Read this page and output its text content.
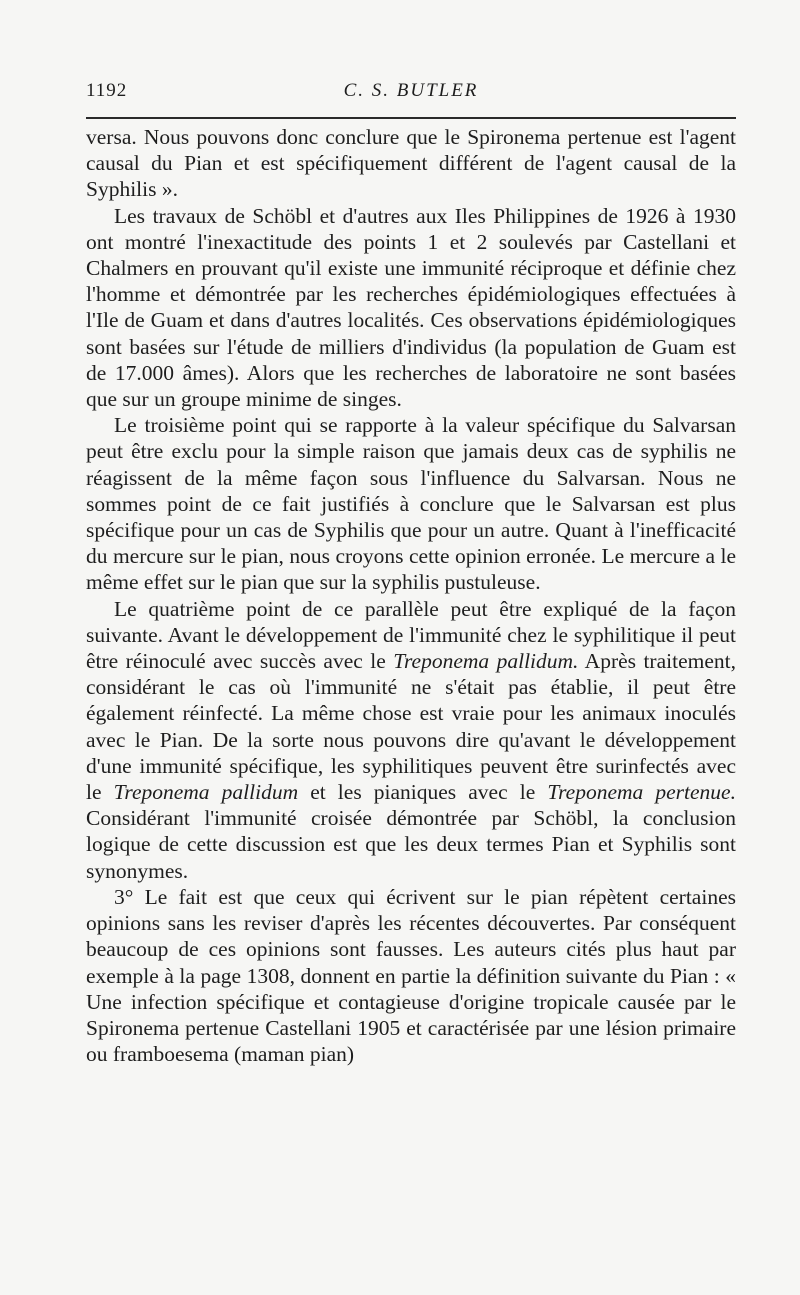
1192	C. S. BUTLER

versa. Nous pouvons donc conclure que le Spironema pertenue est l'agent causal du Pian et est spécifiquement différent de l'agent causal de la Syphilis ».

Les travaux de Schöbl et d'autres aux Iles Philippines de 1926 à 1930 ont montré l'inexactitude des points 1 et 2 soulevés par Castellani et Chalmers en prouvant qu'il existe une immunité réciproque et définie chez l'homme et démontrée par les recherches épidémiologiques effectuées à l'Ile de Guam et dans d'autres localités. Ces observations épidémiologiques sont basées sur l'étude de milliers d'individus (la population de Guam est de 17.000 âmes). Alors que les recherches de laboratoire ne sont basées que sur un groupe minime de singes.

Le troisième point qui se rapporte à la valeur spécifique du Salvarsan peut être exclu pour la simple raison que jamais deux cas de syphilis ne réagissent de la même façon sous l'influence du Salvarsan. Nous ne sommes point de ce fait justifiés à conclure que le Salvarsan est plus spécifique pour un cas de Syphilis que pour un autre. Quant à l'inefficacité du mercure sur le pian, nous croyons cette opinion erronée. Le mercure a le même effet sur le pian que sur la syphilis pustuleuse.

Le quatrième point de ce parallèle peut être expliqué de la façon suivante. Avant le développement de l'immunité chez le syphilitique il peut être réinoculé avec succès avec le Treponema pallidum. Après traitement, considérant le cas où l'immunité ne s'était pas établie, il peut être également réinfecté. La même chose est vraie pour les animaux inoculés avec le Pian. De la sorte nous pouvons dire qu'avant le développement d'une immunité spécifique, les syphilitiques peuvent être surinfectés avec le Treponema pallidum et les pianiques avec le Treponema pertenue. Considérant l'immunité croisée démontrée par Schöbl, la conclusion logique de cette discussion est que les deux termes Pian et Syphilis sont synonymes.

3° Le fait est que ceux qui écrivent sur le pian répètent certaines opinions sans les reviser d'après les récentes découvertes. Par conséquent beaucoup de ces opinions sont fausses. Les auteurs cités plus haut par exemple à la page 1308, donnent en partie la définition suivante du Pian : « Une infection spécifique et contagieuse d'origine tropicale causée par le Spironema pertenue Castellani 1905 et caractérisée par une lésion primaire ou framboesema (maman pian)
